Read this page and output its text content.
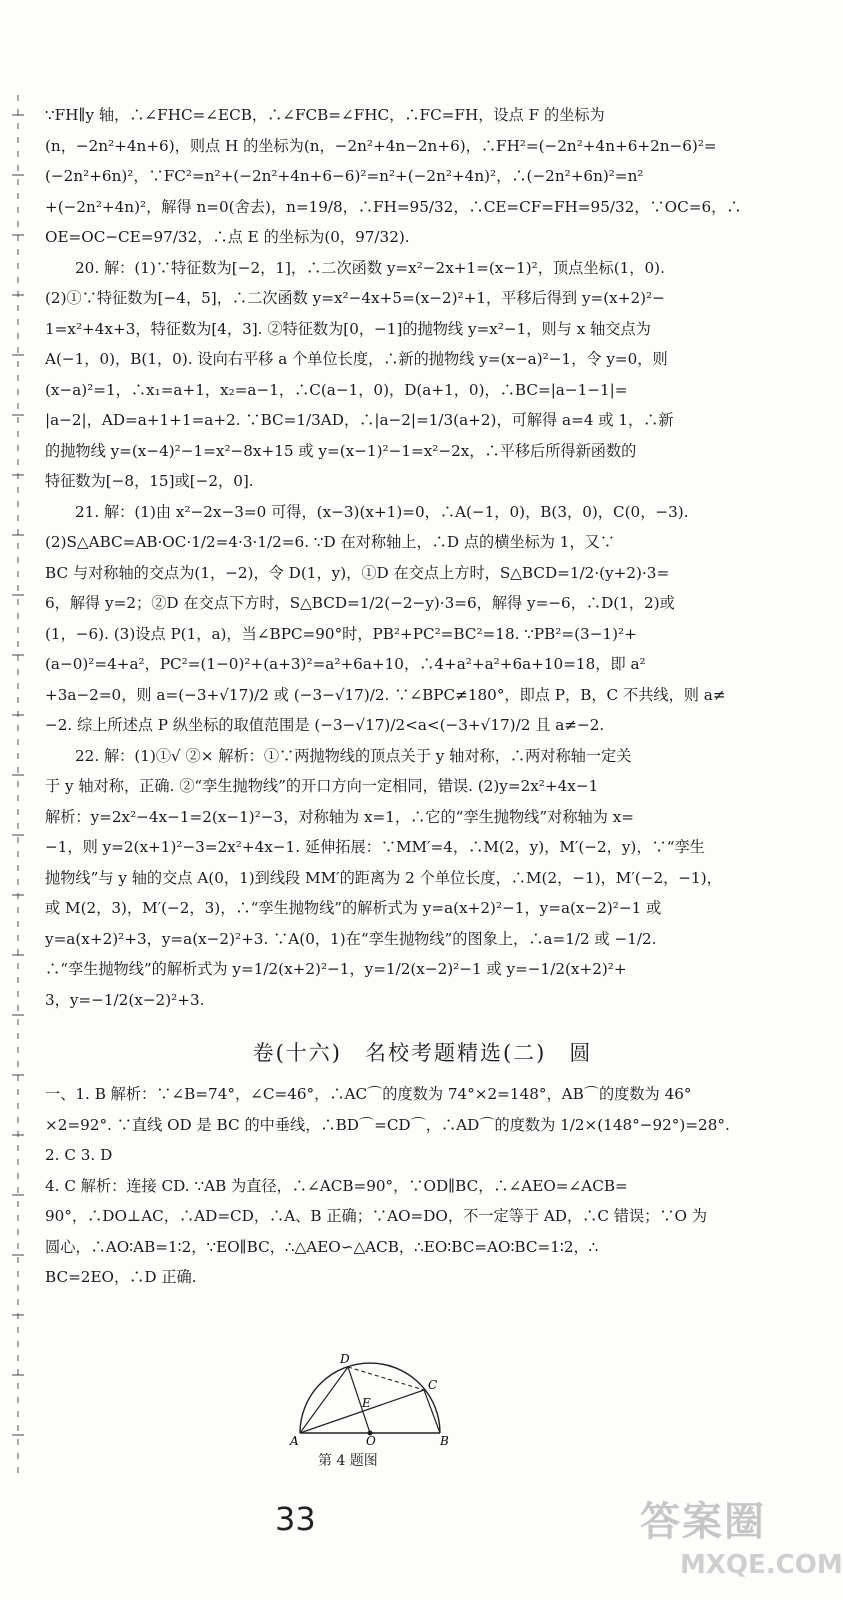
∵FH∥y 轴，∴∠FHC=∠ECB，∴∠FCB=∠FHC，∴FC=FH，设点 F 的坐标为
(n，−2n²+4n+6)，则点 H 的坐标为(n，−2n²+4n−2n+6)，∴FH²=(−2n²+4n+6+2n−6)²=
(−2n²+6n)²，∵FC²=n²+(−2n²+4n+6−6)²=n²+(−2n²+4n)²，∴(−2n²+6n)²=n²
+(−2n²+4n)²，解得 n=0(舍去)，n=19/8，∴FH=95/32，∴CE=CF=FH=95/32，∵OC=6，∴
OE=OC−CE=97/32，∴点 E 的坐标为(0，97/32).
20. 解：(1)∵特征数为[−2，1]，∴二次函数 y=x²−2x+1=(x−1)²，顶点坐标(1，0).
(2)①∵特征数为[−4，5]，∴二次函数 y=x²−4x+5=(x−2)²+1，平移后得到 y=(x+2)²−
1=x²+4x+3，特征数为[4，3]. ②特征数为[0，−1]的抛物线 y=x²−1，则与 x 轴交点为
A(−1，0)，B(1，0). 设向右平移 a 个单位长度，∴新的抛物线 y=(x−a)²−1，令 y=0，则
(x−a)²=1，∴x₁=a+1，x₂=a−1，∴C(a−1，0)，D(a+1，0)，∴BC=|a−1−1|=
|a−2|，AD=a+1+1=a+2. ∵BC=1/3AD，∴|a−2|=1/3(a+2)，可解得 a=4 或 1，∴新
的抛物线 y=(x−4)²−1=x²−8x+15 或 y=(x−1)²−1=x²−2x，∴平移后所得新函数的
特征数为[−8，15]或[−2，0].
21. 解：(1)由 x²−2x−3=0 可得，(x−3)(x+1)=0，∴A(−1，0)，B(3，0)，C(0，−3).
(2)S△ABC=AB·OC·1/2=4·3·1/2=6. ∵D 在对称轴上，∴D 点的横坐标为 1，又∵
BC 与对称轴的交点为(1，−2)，令 D(1，y)，①D 在交点上方时，S△BCD=1/2·(y+2)·3=
6，解得 y=2；②D 在交点下方时，S△BCD=1/2(−2−y)·3=6，解得 y=−6，∴D(1，2)或
(1，−6). (3)设点 P(1，a)，当∠BPC=90°时，PB²+PC²=BC²=18. ∵PB²=(3−1)²+
(a−0)²=4+a²，PC²=(1−0)²+(a+3)²=a²+6a+10，∴4+a²+a²+6a+10=18，即 a²
+3a−2=0，则 a=(−3+√17)/2 或 (−3−√17)/2. ∵∠BPC≠180°，即点 P，B，C 不共线，则 a≠
−2. 综上所述点 P 纵坐标的取值范围是 (−3−√17)/2<a<(−3+√17)/2 且 a≠−2.
22. 解：(1)①√ ②× 解析：①∵两抛物线的顶点关于 y 轴对称，∴两对称轴一定关
于 y 轴对称，正确. ②“孪生抛物线”的开口方向一定相同，错误. (2)y=2x²+4x−1
解析：y=2x²−4x−1=2(x−1)²−3，对称轴为 x=1，∴它的“孪生抛物线”对称轴为 x=
−1，则 y=2(x+1)²−3=2x²+4x−1. 延伸拓展：∵MM′=4，∴M(2，y)，M′(−2，y)，∵“孪生
抛物线”与 y 轴的交点 A(0，1)到线段 MM′的距离为 2 个单位长度，∴M(2，−1)，M′(−2，−1)，
或 M(2，3)，M′(−2，3)，∴“孪生抛物线”的解析式为 y=a(x+2)²−1，y=a(x−2)²−1 或
y=a(x+2)²+3，y=a(x−2)²+3. ∵A(0，1)在“孪生抛物线”的图象上，∴a=1/2 或 −1/2.
∴“孪生抛物线”的解析式为 y=1/2(x+2)²−1，y=1/2(x−2)²−1 或 y=−1/2(x+2)²+
3，y=−1/2(x−2)²+3.
卷(十六)　名校考题精选(二)　圆
一、1. B 解析：∵∠B=74°，∠C=46°，∴AC⌒的度数为 74°×2=148°，AB⌒的度数为 46°
×2=92°. ∵直线 OD 是 BC 的中垂线，∴BD⌒=CD⌒，∴AD⌒的度数为 1/2×(148°−92°)=28°.
2. C 3. D
4. C 解析：连接 CD. ∵AB 为直径，∴∠ACB=90°，∵OD∥BC，∴∠AEO=∠ACB=
90°，∴DO⊥AC，∴AD=CD，∴A、B 正确；∵AO=DO，不一定等于 AD，∴C 错误；∵O 为
圆心，∴AO∶AB=1∶2，∵EO∥BC，∴△AEO∽△ACB，∴EO∶BC=AO∶BC=1∶2，∴
BC=2EO，∴D 正确.
D
C
E
A	O	B
第 4 题图
33	答案圈
MXQE.COM
